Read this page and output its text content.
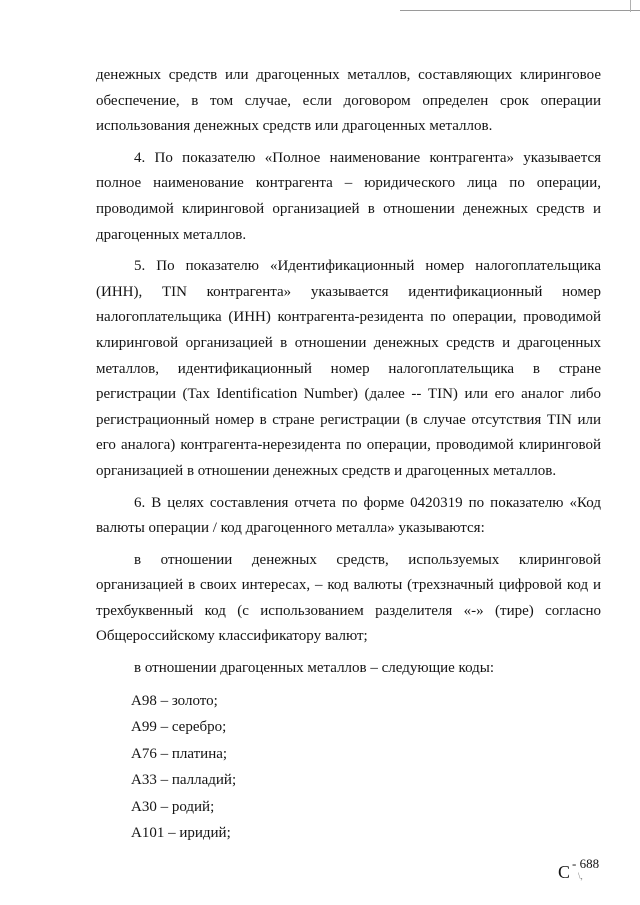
денежных средств или драгоценных металлов, составляющих клиринговое обеспечение, в том случае, если договором определен срок операции использования денежных средств или драгоценных металлов.

4. По показателю «Полное наименование контрагента» указывается полное наименование контрагента – юридического лица по операции, проводимой клиринговой организацией в отношении денежных средств и драгоценных металлов.

5. По показателю «Идентификационный номер налогоплательщика (ИНН), TIN контрагента» указывается идентификационный номер налогоплательщика (ИНН) контрагента-резидента по операции, проводимой клиринговой организацией в отношении денежных средств и драгоценных металлов, идентификационный номер налогоплательщика в стране регистрации (Tax Identification Number) (далее -- TIN) или его аналог либо регистрационный номер в стране регистрации (в случае отсутствия TIN или его аналога) контрагента-нерезидента по операции, проводимой клиринговой организацией в отношении денежных средств и драгоценных металлов.

6. В целях составления отчета по форме 0420319 по показателю «Код валюты операции / код драгоценного металла» указываются:

в отношении денежных средств, используемых клиринговой организацией в своих интересах, – код валюты (трехзначный цифровой код и трехбуквенный код (с использованием разделителя «-» (тире) согласно Общероссийскому классификатору валют;

в отношении драгоценных металлов – следующие коды:

А98 – золото;
А99 – серебро;
А76 – платина;
А33 – палладий;
А30 – родий;
А101 – иридий;
С - 688
\,
